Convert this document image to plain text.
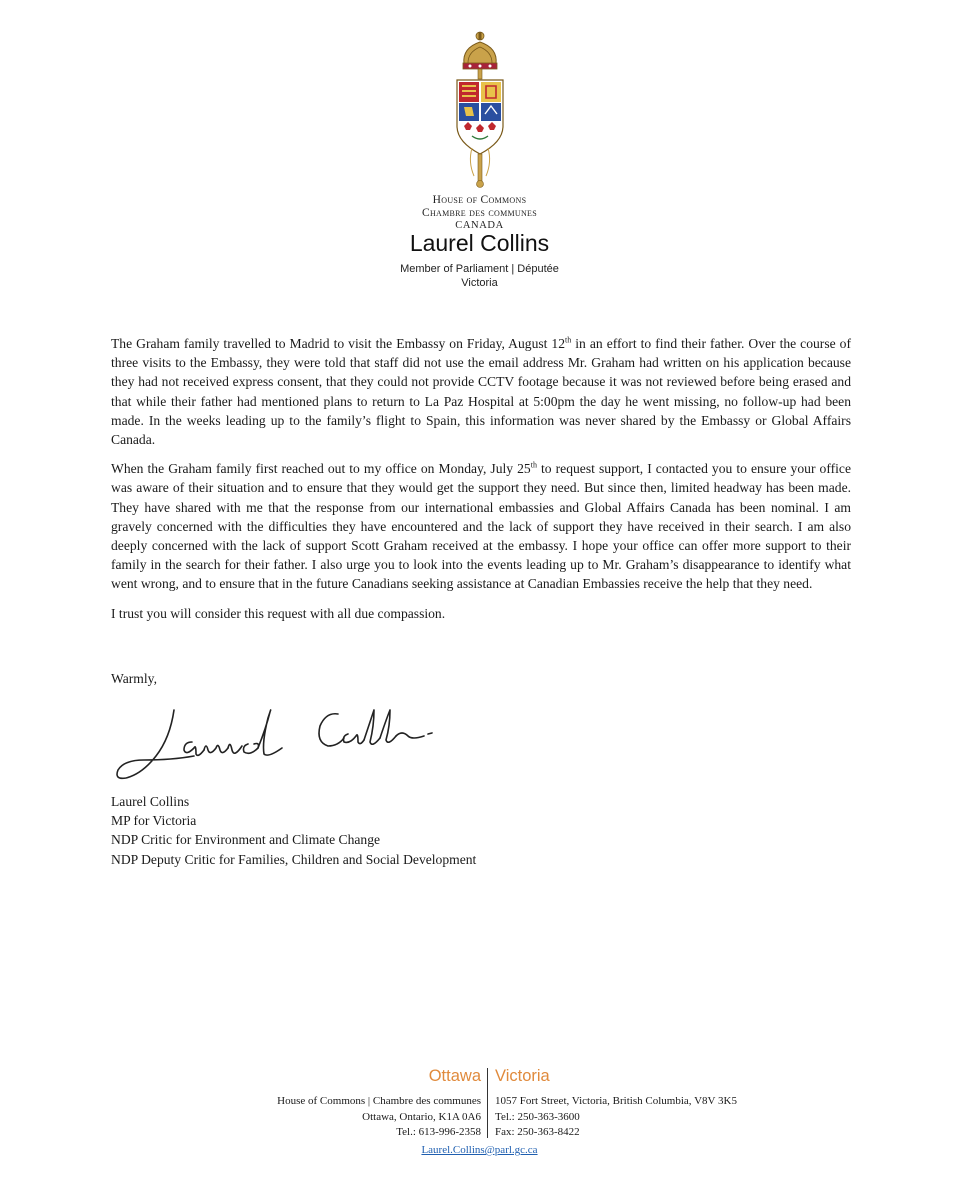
House of Commons
Chambre des communes
CANADA
Laurel Collins
Member of Parliament | Députée
Victoria

The Graham family travelled to Madrid to visit the Embassy on Friday, August 12th in an effort to find their father. Over the course of three visits to the Embassy, they were told that staff did not use the email address Mr. Graham had written on his application because they had not received express consent, that they could not provide CCTV footage because it was not reviewed before being erased and that while their father had mentioned plans to return to La Paz Hospital at 5:00pm the day he went missing, no follow-up had been made. In the weeks leading up to the family’s flight to Spain, this information was never shared by the Embassy or Global Affairs Canada.

When the Graham family first reached out to my office on Monday, July 25th to request support, I contacted you to ensure your office was aware of their situation and to ensure that they would get the support they need. But since then, limited headway has been made. They have shared with me that the response from our international embassies and Global Affairs Canada has been nominal. I am gravely concerned with the difficulties they have encountered and the lack of support they have received in their search. I am also deeply concerned with the lack of support Scott Graham received at the embassy. I hope your office can offer more support to their family in the search for their father. I also urge you to look into the events leading up to Mr. Graham’s disappearance to identify what went wrong, and to ensure that in the future Canadians seeking assistance at Canadian Embassies receive the help that they need.

I trust you will consider this request with all due compassion.

Warmly,
Laurel Collins
MP for Victoria
NDP Critic for Environment and Climate Change
NDP Deputy Critic for Families, Children and Social Development
Ottawa Victoria
House of Commons | Chambre des communes
Ottawa, Ontario, K1A 0A6
Tel.: 613-996-2358
1057 Fort Street, Victoria, British Columbia, V8V 3K5
Tel.: 250-363-3600
Fax: 250-363-8422
Laurel.Collins@parl.gc.ca
